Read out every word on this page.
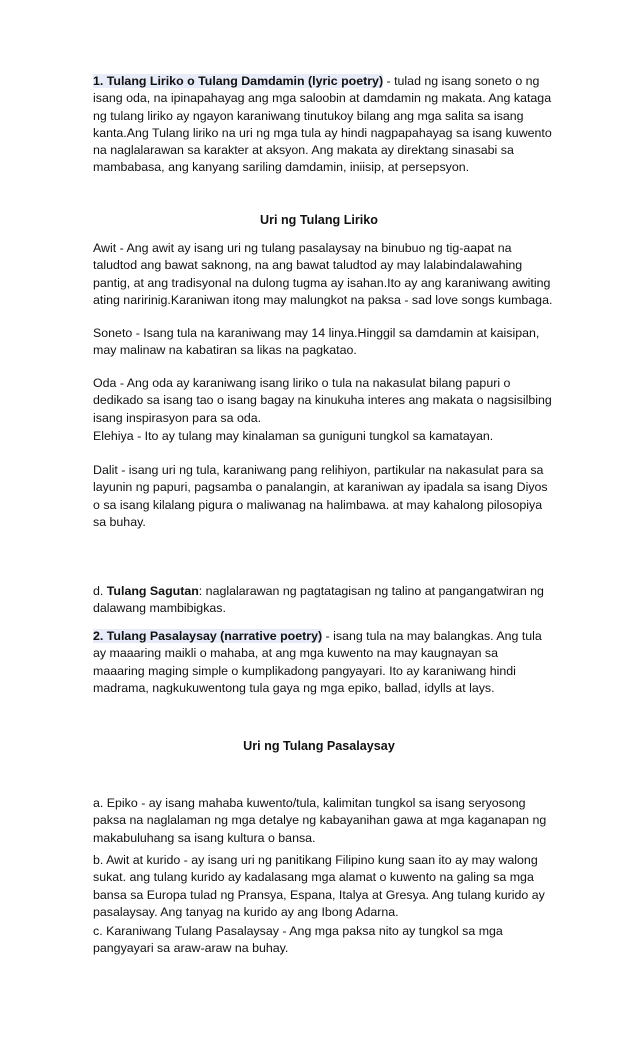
1. Tulang Liriko o Tulang Damdamin (lyric poetry) - tulad ng isang soneto o ng isang oda, na ipinapahayag ang mga saloobin at damdamin ng makata. Ang kataga ng tulang liriko ay ngayon karaniwang tinutukoy bilang ang mga salita sa isang kanta.Ang Tulang liriko na uri ng mga tula ay hindi nagpapahayag sa isang kuwento na naglalarawan sa karakter at aksyon. Ang makata ay direktang sinasabi sa mambabasa, ang kanyang sariling damdamin, iniisip, at persepsyon.

Uri ng Tulang Liriko

Awit - Ang awit ay isang uri ng tulang pasalaysay na binubuo ng tig-aapat na taludtod ang bawat saknong, na ang bawat taludtod ay may lalabindalawahing pantig, at ang tradisyonal na dulong tugma ay isahan.Ito ay ang karaniwang awiting ating naririnig.Karaniwan itong may malungkot na paksa - sad love songs kumbaga.

Soneto - Isang tula na karaniwang may 14 linya.Hinggil sa damdamin at kaisipan, may malinaw na kabatiran sa likas na pagkatao.

Oda - Ang oda ay karaniwang isang liriko o tula na nakasulat bilang papuri o dedikado sa isang tao o isang bagay na kinukuha interes ang makata o nagsisilbing isang inspirasyon para sa oda.

Elehiya - Ito ay tulang may kinalaman sa guniguni tungkol sa kamatayan.

Dalit - isang uri ng tula, karaniwang pang relihiyon, partikular na nakasulat para sa layunin ng papuri, pagsamba o panalangin, at karaniwan ay ipadala sa isang Diyos o sa isang kilalang pigura o maliwanag na halimbawa. at may kahalong pilosopiya sa buhay.

d. Tulang Sagutan: naglalarawan ng pagtatagisan ng talino at pangangatwiran ng dalawang mambibigkas.

2. Tulang Pasalaysay (narrative poetry) - isang tula na may balangkas. Ang tula ay maaaring maikli o mahaba, at ang mga kuwento na may kaugnayan sa maaaring maging simple o kumplikadong pangyayari. Ito ay karaniwang hindi madrama, nagkukuwentong tula gaya ng mga epiko, ballad, idylls at lays.

Uri ng Tulang Pasalaysay

a. Epiko - ay isang mahaba kuwento/tula, kalimitan tungkol sa isang seryosong paksa na naglalaman ng mga detalye ng kabayanihan gawa at mga kaganapan ng makabuluhang sa isang kultura o bansa.

b. Awit at kurido - ay isang uri ng panitikang Filipino kung saan ito ay may walong sukat. ang tulang kurido ay kadalasang mga alamat o kuwento na galing sa mga bansa sa Europa tulad ng Pransya, Espana, Italya at Gresya. Ang tulang kurido ay pasalaysay. Ang tanyag na kurido ay ang Ibong Adarna.

c. Karaniwang Tulang Pasalaysay - Ang mga paksa nito ay tungkol sa mga pangyayari sa araw-araw na buhay.
